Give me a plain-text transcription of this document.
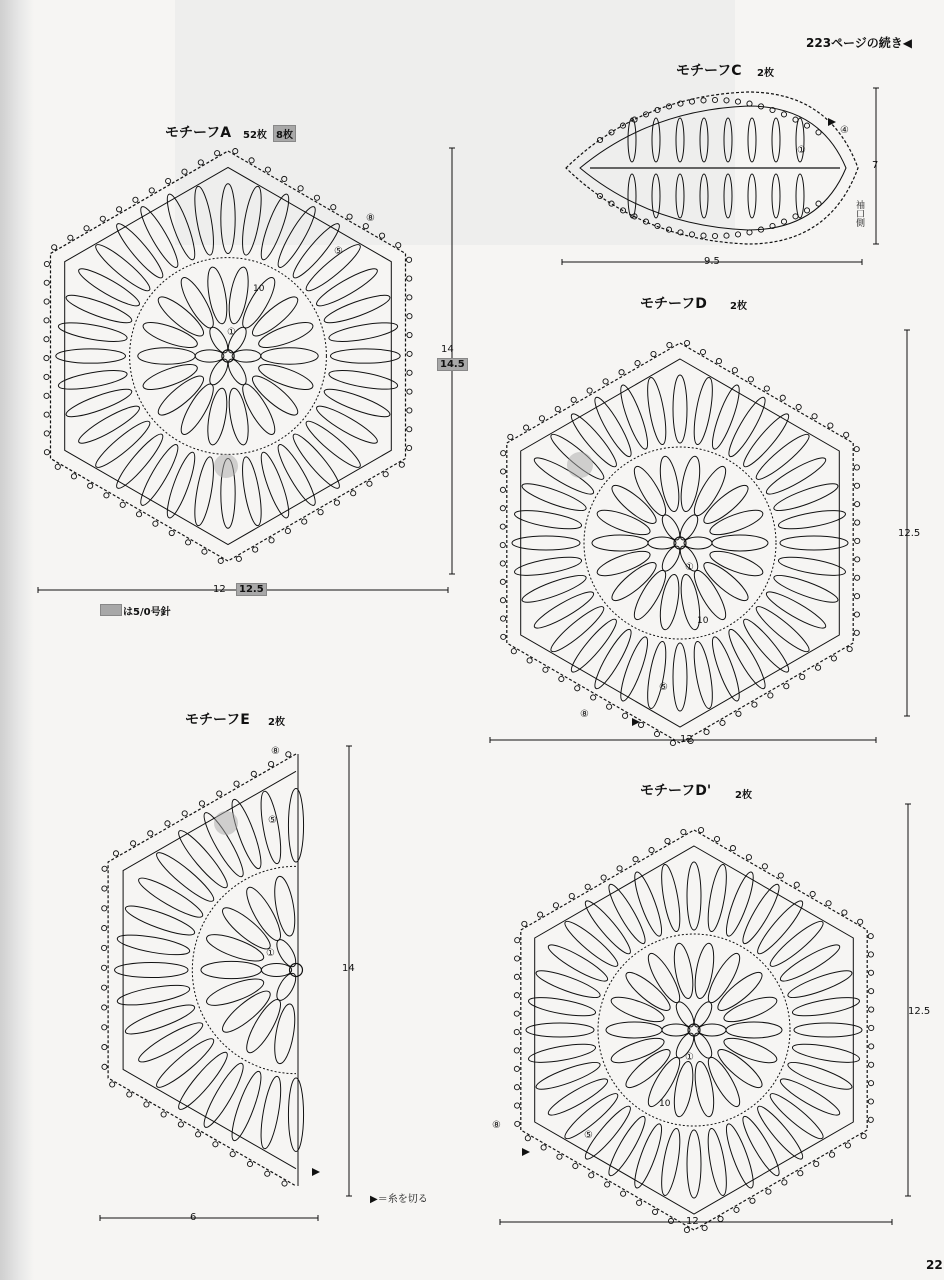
223ページの続き◀
モチーフA 52枚 8枚
14
14.5
12	12.5
は5/0号針
▶＝糸を切る
モチーフC 2枚
7
袖口側
9.5
モチーフD 2枚
12.5
12
モチーフE 2枚
14
6
モチーフD' 2枚
12.5
12
①
10
⑤
⑧
①
④
①
10
⑤
⑧
⑤
⑧
①
①
10
⑤
⑧
22
